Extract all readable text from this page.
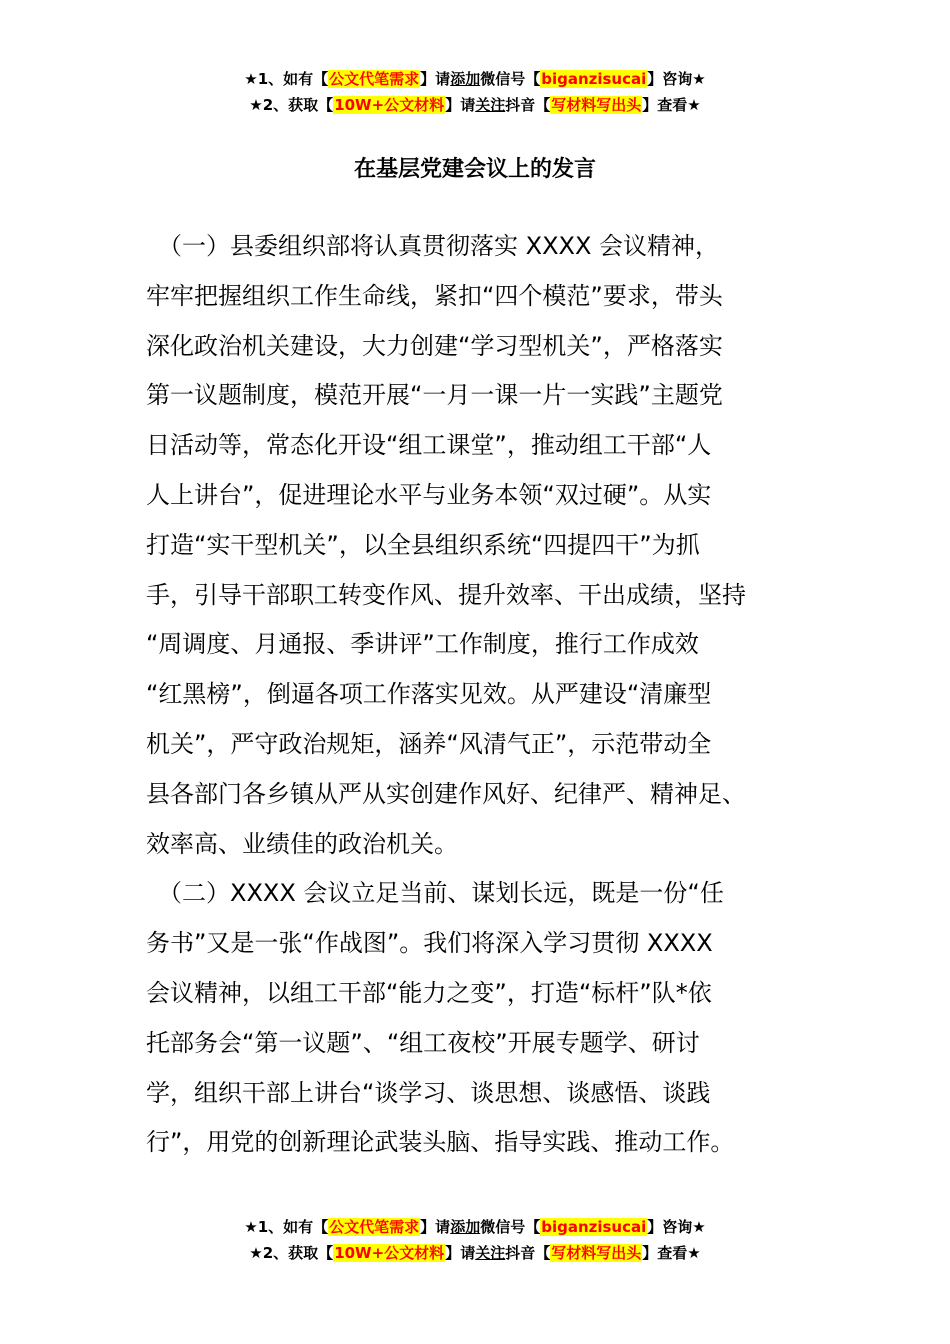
★1、如有【公文代笔需求】请添加微信号【biganzisucai】咨询★
★2、获取【10W+公文材料】请关注抖音【写材料写出头】查看★
在基层党建会议上的发言
　（一）县委组织部将认真贯彻落实 XXXX 会议精神，
牢牢把握组织工作生命线，紧扣“四个模范”要求，带头
深化政治机关建设，大力创建“学习型机关”，严格落实
第一议题制度，模范开展“一月一课一片一实践”主题党
日活动等，常态化开设“组工课堂”，推动组工干部“人
人上讲台”，促进理论水平与业务本领“双过硬”。从实
打造“实干型机关”，以全县组织系统“四提四干”为抓
手，引导干部职工转变作风、提升效率、干出成绩，坚持
“周调度、月通报、季讲评”工作制度，推行工作成效
“红黑榜”，倒逼各项工作落实见效。从严建设“清廉型
机关”，严守政治规矩，涵养“风清气正”，示范带动全
县各部门各乡镇从严从实创建作风好、纪律严、精神足、
效率高、业绩佳的政治机关。
　（二）XXXX 会议立足当前、谋划长远，既是一份“任
务书”又是一张“作战图”。我们将深入学习贯彻 XXXX
会议精神，以组工干部“能力之变”，打造“标杆”队*依
托部务会“第一议题”、“组工夜校”开展专题学、研讨
学，组织干部上讲台“谈学习、谈思想、谈感悟、谈践
行”，用党的创新理论武装头脑、指导实践、推动工作。
★1、如有【公文代笔需求】请添加微信号【biganzisucai】咨询★
★2、获取【10W+公文材料】请关注抖音【写材料写出头】查看★
